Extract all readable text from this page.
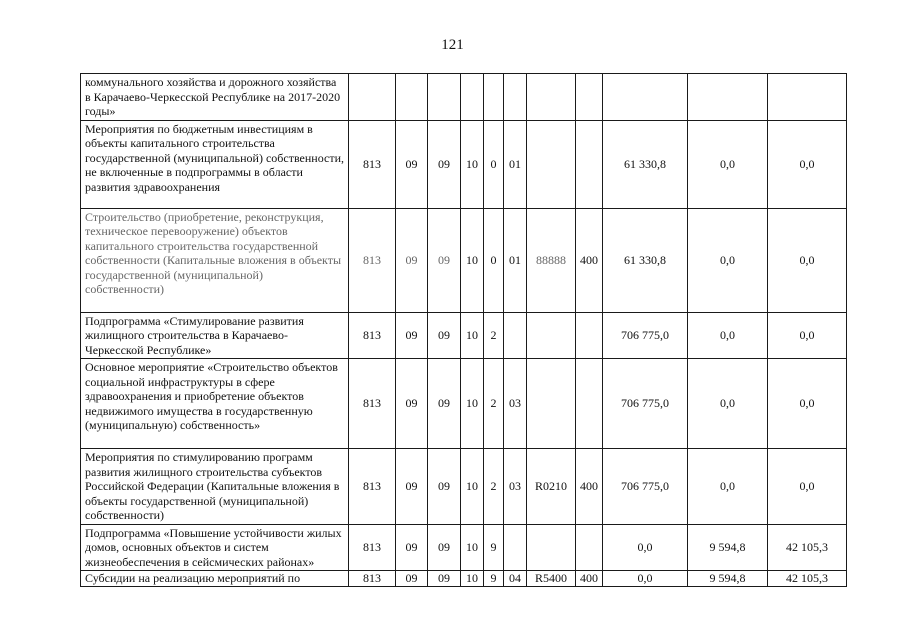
121
коммунального хозяйства и дорожного хозяйства в Карачаево-Черкесской Республике на 2017-2020 годы»											
Мероприятия по бюджетным инвестициям в объекты капитального строительства государственной (муниципальной) собственности, не включенные в подпрограммы в области развития здравоохранения	813	09	09	10	0	01			61 330,8	0,0	0,0
Строительство (приобретение, реконструкция, техническое перевооружение) объектов капитального строительства государственной собственности (Капитальные вложения в объекты государственной (муниципальной) собственности)	813	09	09	10	0	01	88888	400	61 330,8	0,0	0,0
Подпрограмма «Стимулирование развития жилищного строительства в Карачаево-Черкесской Республике»	813	09	09	10	2				706 775,0	0,0	0,0
Основное мероприятие «Строительство объектов социальной инфраструктуры в сфере здравоохранения и приобретение объектов недвижимого имущества в государственную (муниципальную) собственность»	813	09	09	10	2	03			706 775,0	0,0	0,0
Мероприятия по стимулированию программ развития жилищного строительства субъектов Российской Федерации (Капитальные вложения в объекты государственной (муниципальной) собственности)	813	09	09	10	2	03	R0210	400	706 775,0	0,0	0,0
Подпрограмма «Повышение устойчивости жилых домов, основных объектов и систем жизнеобеспечения в сейсмических районах»	813	09	09	10	9				0,0	9 594,8	42 105,3
Субсидии на реализацию мероприятий по	813	09	09	10	9	04	R5400	400	0,0	9 594,8	42 105,3
